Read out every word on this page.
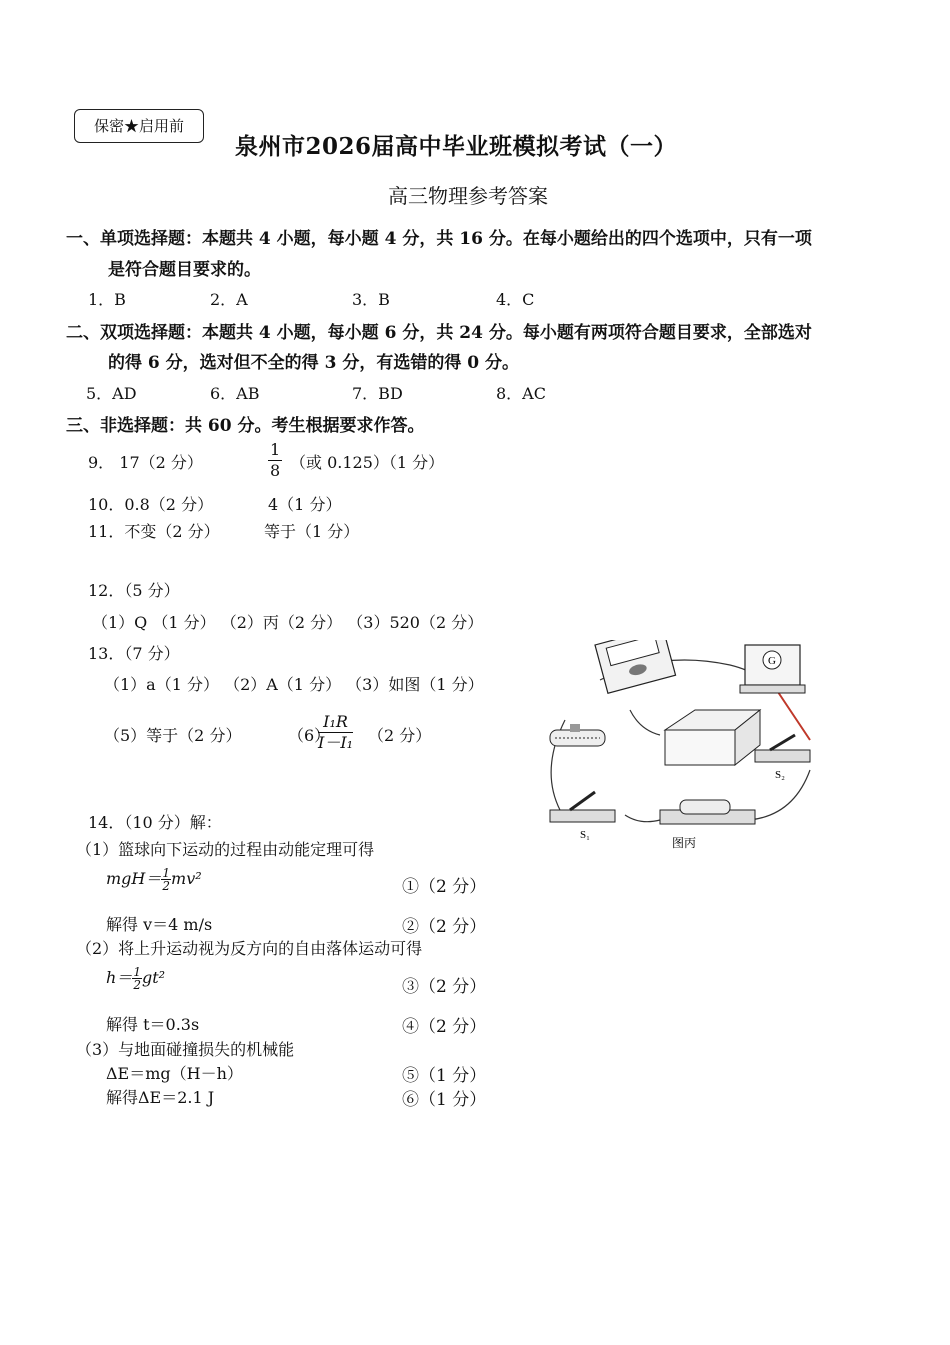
保密★启用前
泉州市2026届高中毕业班模拟考试（一）
高三物理参考答案
一、单项选择题：本题共 4 小题，每小题 4 分，共 16 分。在每小题给出的四个选项中，只有一项
是符合题目要求的。
1．B	2．A	3．B	4．C
二、双项选择题：本题共 4 小题，每小题 6 分，共 24 分。每小题有两项符合题目要求，全部选对
的得 6 分，选对但不全的得 3 分，有选错的得 0 分。
5．AD	6．AB	7．BD	8．AC
三、非选择题：共 60 分。考生根据要求作答。
9． 17（2 分）	$\frac{1}{8}$ （或 0.125）（1 分）
10．0.8（2 分）	4（1 分）
11．不变（2 分）	等于（1 分）
12．（5 分）
（1）Q （1 分） （2）丙（2 分） （3）520（2 分）
13．（7 分）
（1）a（1 分） （2）A（1 分） （3）如图（1 分）
（5）等于（2 分）	（6）
$\frac{\text{I₁R}}{\text{I－I₁}} (2$ 分）
G
S₂
S₁
图丙
14．（10 分）解：
（1）篮球向下运动的过程由动能定理可得
$mgH= \frac{1}{2} mv^2$	①（2 分）
解得 v＝4 m/s	②（2 分）
（2）将上升运动视为反方向的自由落体运动可得
$h= \frac{1}{2} gt^2$	③（2 分）
解得 t＝0.3s	④（2 分）
（3）与地面碰撞损失的机械能
ΔE＝mg（H－h）	⑤（1 分）
解得ΔE＝2.1 J	⑥（1 分）
